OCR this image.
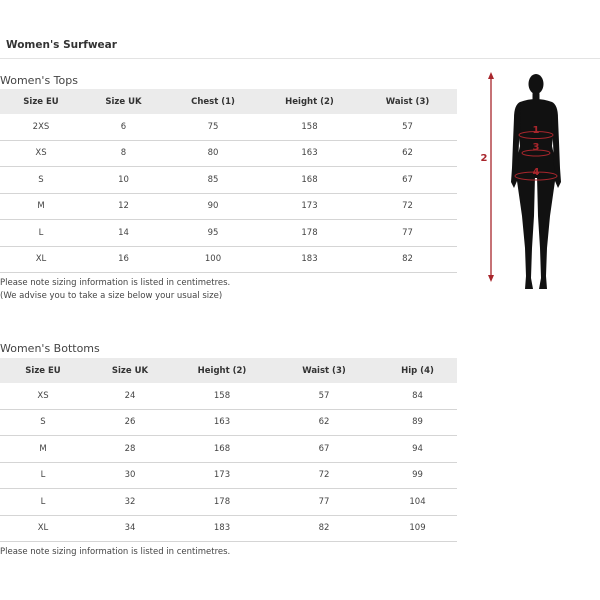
Women's Surfwear
Women's Tops
Size EU	Size UK	Chest (1)	Height (2)	Waist (3)
2XS	6	75	158	57
XS	8	80	163	62
S	10	85	168	67
M	12	90	173	72
L	14	95	178	77
XL	16	100	183	82
Please note sizing information is listed in centimetres.
(We advise you to take a size below your usual size)
Women's Bottoms
Size EU	Size UK	Height (2)	Waist (3)	Hip (4)
XS	24	158	57	84
S	26	163	62	89
M	28	168	67	94
L	30	173	72	99
L	32	178	77	104
XL	34	183	82	109
Please note sizing information is listed in centimetres.
2
1
3
4
